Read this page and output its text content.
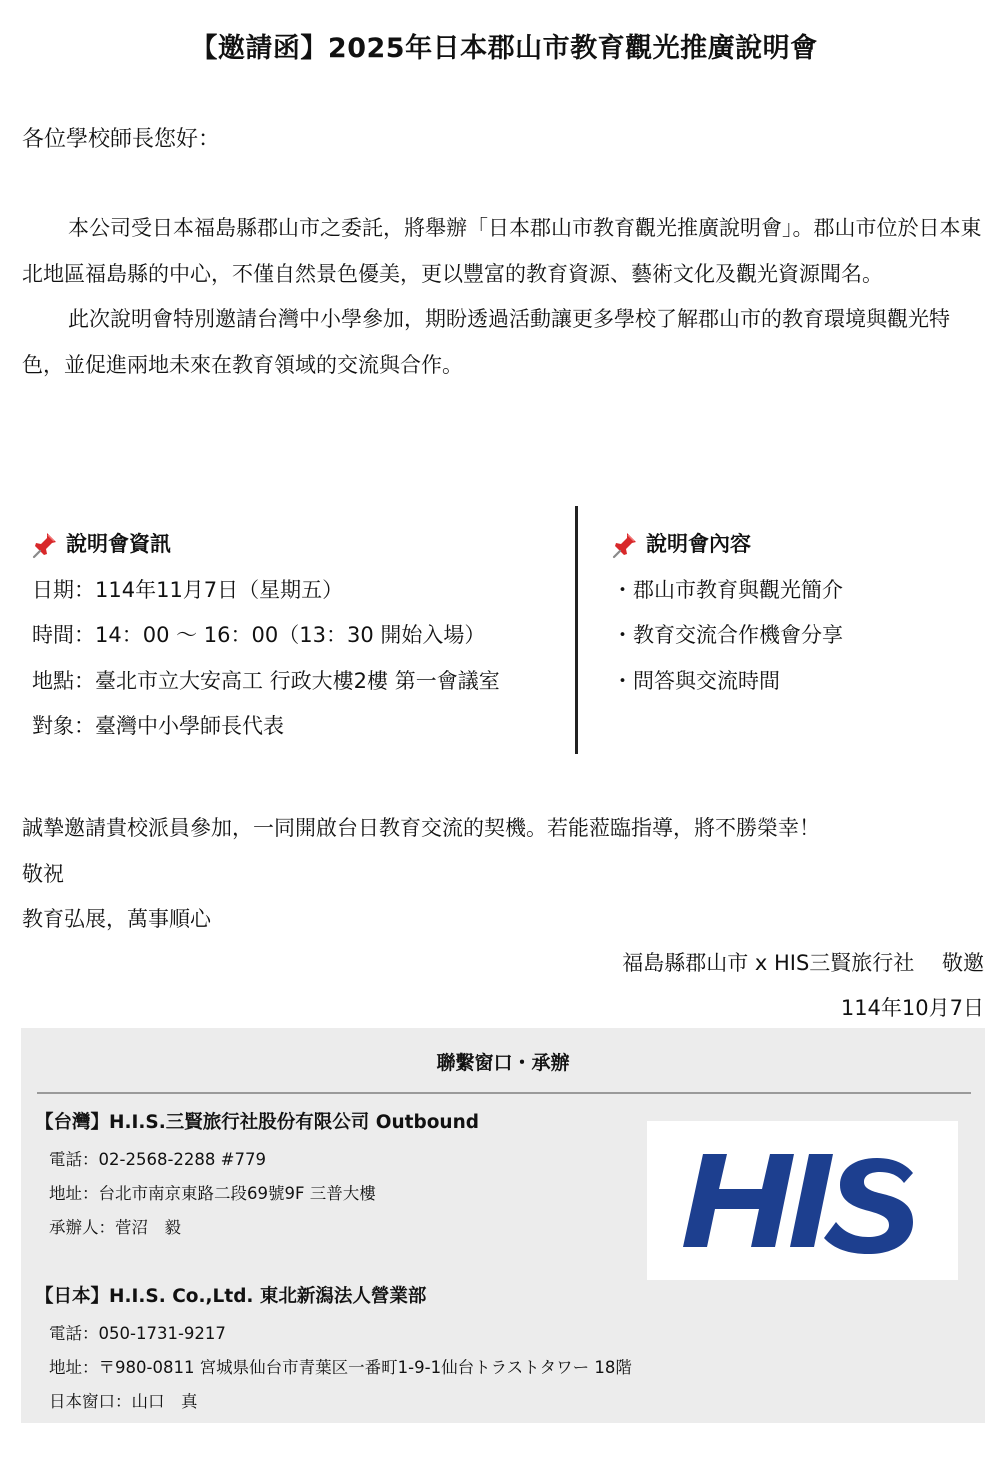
【邀請函】2025年日本郡山市教育觀光推廣說明會
各位學校師長您好：

本公司受日本福島縣郡山市之委託，將舉辦「日本郡山市教育觀光推廣說明會」。郡山市位於日本東北地區福島縣的中心，不僅自然景色優美，更以豐富的教育資源、藝術文化及觀光資源聞名。

此次說明會特別邀請台灣中小學參加，期盼透過活動讓更多學校了解郡山市的教育環境與觀光特色，並促進兩地未來在教育領域的交流與合作。

說明會資訊
日期：114年11月7日（星期五）
時間：14：00 ～ 16：00（13：30 開始入場）
地點：臺北市立大安高工 行政大樓2樓 第一會議室
對象：臺灣中小學師長代表
說明會內容
・郡山市教育與觀光簡介
・教育交流合作機會分享
・問答與交流時間
誠摯邀請貴校派員參加，一同開啟台日教育交流的契機。若能蒞臨指導，將不勝榮幸！
敬祝
教育弘展，萬事順心
福島縣郡山市 x HIS三賢旅行社　 敬邀
114年10月7日
聯繫窗口・承辦
【台灣】H.I.S.三賢旅行社股份有限公司 Outbound
電話：02-2568-2288 #779
地址：台北市南京東路二段69號9F 三普大樓
承辦人：菅沼　毅
【日本】H.I.S. Co.,Ltd. 東北新潟法人營業部
電話：050-1731-9217
地址：〒980-0811 宮城県仙台市青葉区一番町1-9-1仙台トラストタワー 18階
日本窗口：山口　真
